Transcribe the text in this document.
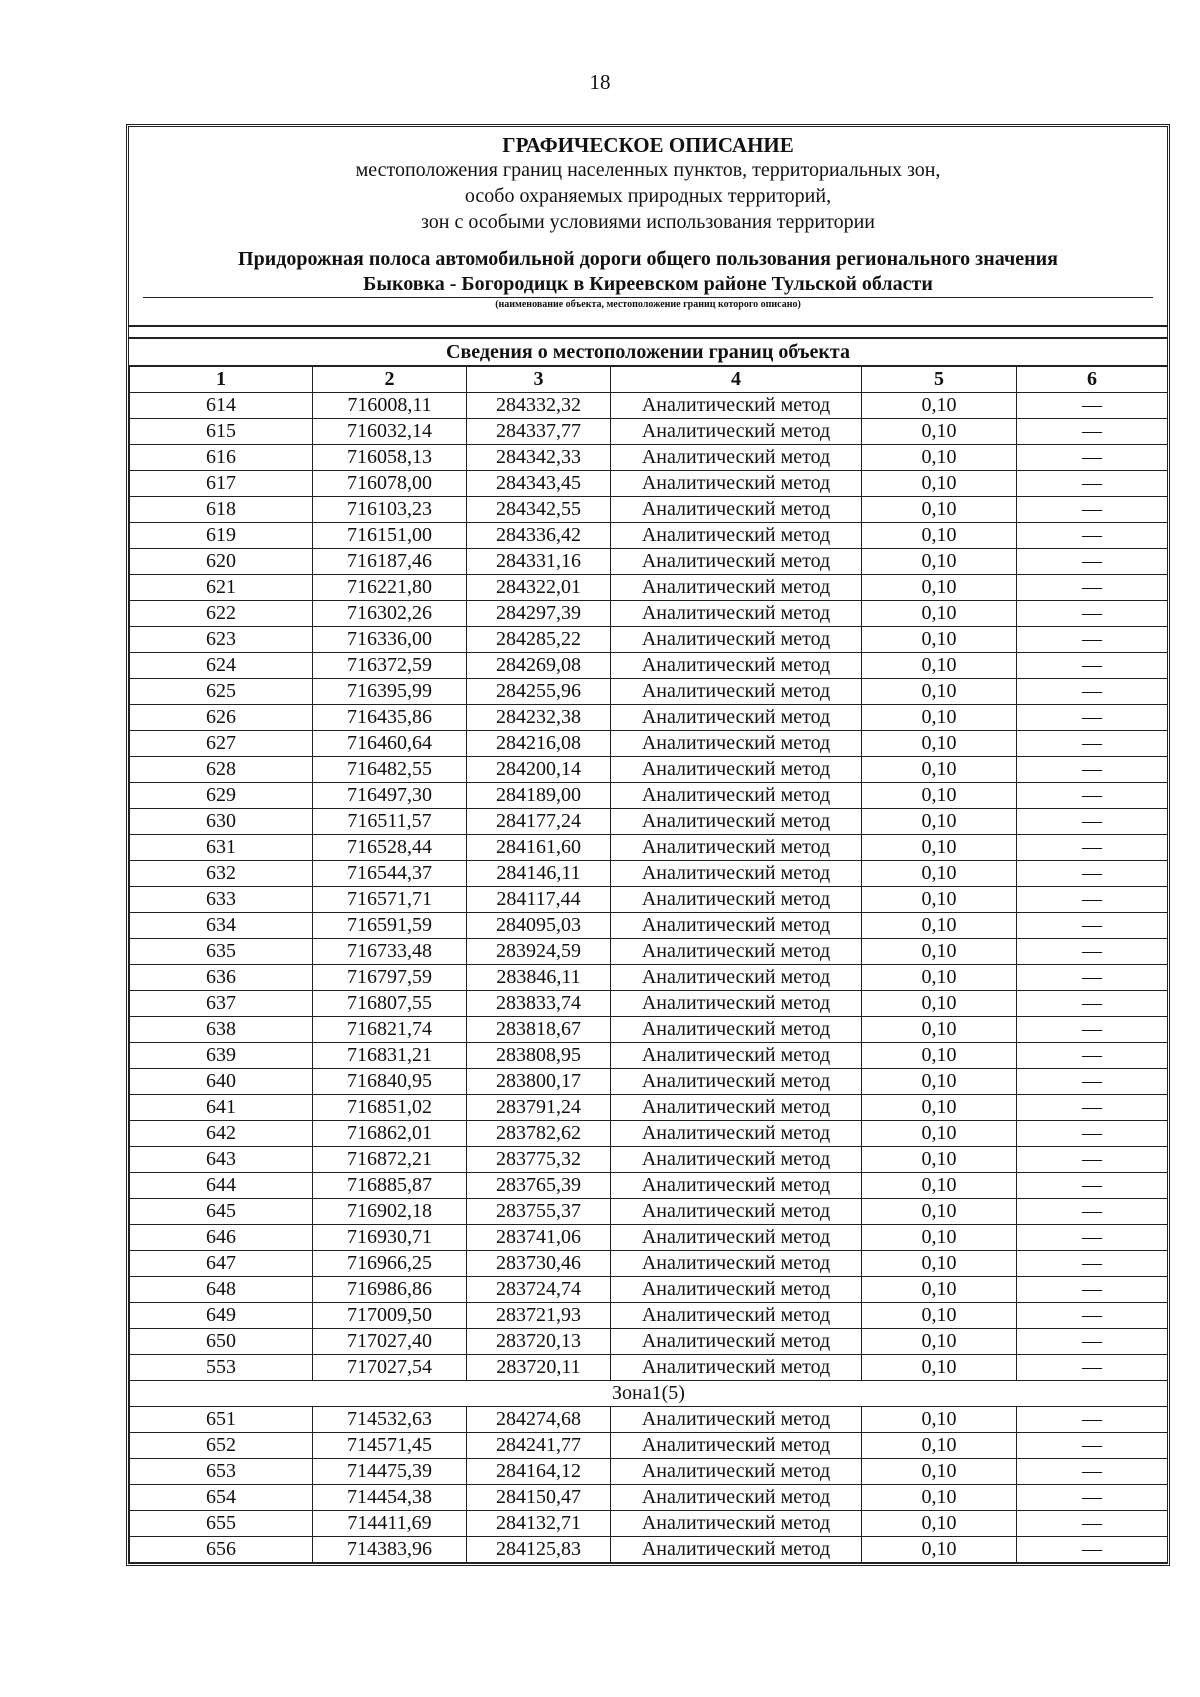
18
ГРАФИЧЕСКОЕ ОПИСАНИЕ
местоположения границ населенных пунктов, территориальных зон,
особо охраняемых природных территорий,
зон с особыми условиями использования территории
Придорожная полоса автомобильной дороги общего пользования регионального значения
Быковка - Богородицк в Киреевском районе Тульской области
(наименование объекта, местоположение границ которого описано)
Сведения о местоположении границ объекта
1	2	3	4	5	6
614	716008,11	284332,32	Аналитический метод	0,10	—
615	716032,14	284337,77	Аналитический метод	0,10	—
616	716058,13	284342,33	Аналитический метод	0,10	—
617	716078,00	284343,45	Аналитический метод	0,10	—
618	716103,23	284342,55	Аналитический метод	0,10	—
619	716151,00	284336,42	Аналитический метод	0,10	—
620	716187,46	284331,16	Аналитический метод	0,10	—
621	716221,80	284322,01	Аналитический метод	0,10	—
622	716302,26	284297,39	Аналитический метод	0,10	—
623	716336,00	284285,22	Аналитический метод	0,10	—
624	716372,59	284269,08	Аналитический метод	0,10	—
625	716395,99	284255,96	Аналитический метод	0,10	—
626	716435,86	284232,38	Аналитический метод	0,10	—
627	716460,64	284216,08	Аналитический метод	0,10	—
628	716482,55	284200,14	Аналитический метод	0,10	—
629	716497,30	284189,00	Аналитический метод	0,10	—
630	716511,57	284177,24	Аналитический метод	0,10	—
631	716528,44	284161,60	Аналитический метод	0,10	—
632	716544,37	284146,11	Аналитический метод	0,10	—
633	716571,71	284117,44	Аналитический метод	0,10	—
634	716591,59	284095,03	Аналитический метод	0,10	—
635	716733,48	283924,59	Аналитический метод	0,10	—
636	716797,59	283846,11	Аналитический метод	0,10	—
637	716807,55	283833,74	Аналитический метод	0,10	—
638	716821,74	283818,67	Аналитический метод	0,10	—
639	716831,21	283808,95	Аналитический метод	0,10	—
640	716840,95	283800,17	Аналитический метод	0,10	—
641	716851,02	283791,24	Аналитический метод	0,10	—
642	716862,01	283782,62	Аналитический метод	0,10	—
643	716872,21	283775,32	Аналитический метод	0,10	—
644	716885,87	283765,39	Аналитический метод	0,10	—
645	716902,18	283755,37	Аналитический метод	0,10	—
646	716930,71	283741,06	Аналитический метод	0,10	—
647	716966,25	283730,46	Аналитический метод	0,10	—
648	716986,86	283724,74	Аналитический метод	0,10	—
649	717009,50	283721,93	Аналитический метод	0,10	—
650	717027,40	283720,13	Аналитический метод	0,10	—
553	717027,54	283720,11	Аналитический метод	0,10	—
Зона1(5)					
651	714532,63	284274,68	Аналитический метод	0,10	—
652	714571,45	284241,77	Аналитический метод	0,10	—
653	714475,39	284164,12	Аналитический метод	0,10	—
654	714454,38	284150,47	Аналитический метод	0,10	—
655	714411,69	284132,71	Аналитический метод	0,10	—
656	714383,96	284125,83	Аналитический метод	0,10	—
